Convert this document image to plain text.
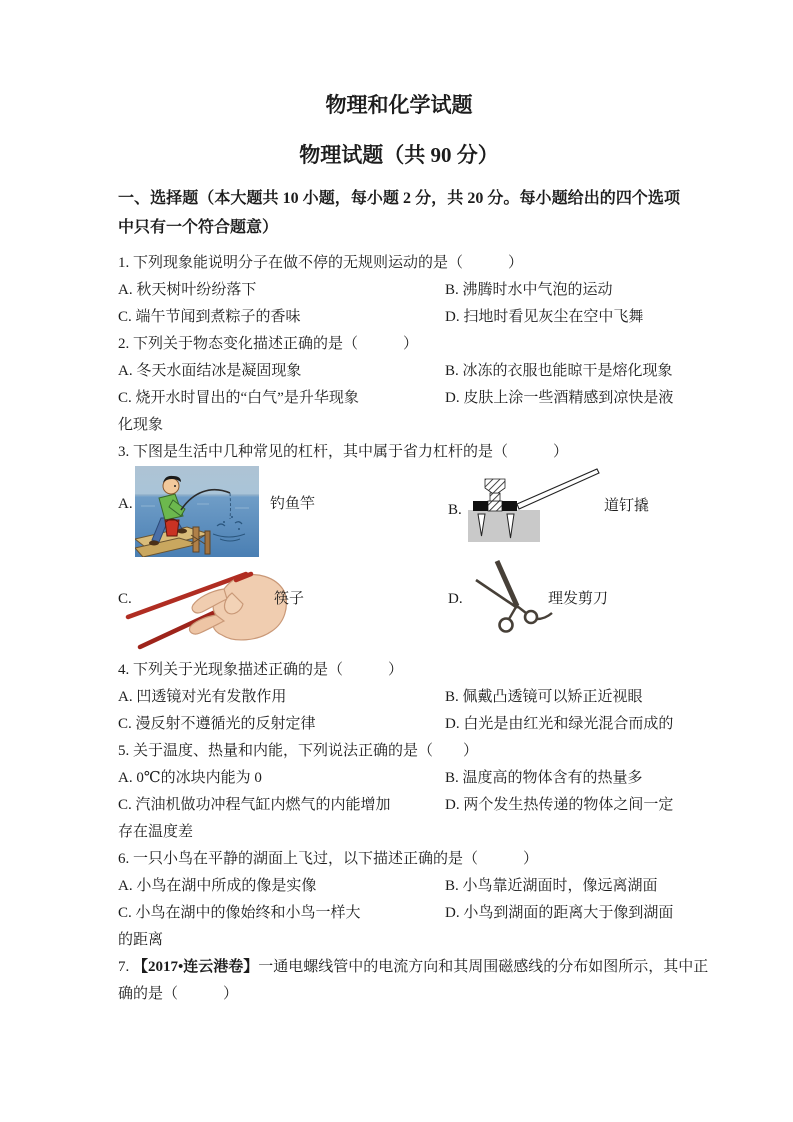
物理和化学试题
物理试题（共 90 分）
一、选择题（本大题共 10 小题，每小题 2 分，共 20 分。每小题给出的四个选项中只有一个符合题意）
1. 下列现象能说明分子在做不停的无规则运动的是（　　　）
A. 秋天树叶纷纷落下	B. 沸腾时水中气泡的运动
C. 端午节闻到煮粽子的香味	D. 扫地时看见灰尘在空中飞舞
2. 下列关于物态变化描述正确的是（　　　）
A. 冬天水面结冰是凝固现象	B. 冰冻的衣服也能晾干是熔化现象
C. 烧开水时冒出的“白气”是升华现象	D. 皮肤上涂一些酒精感到凉快是液
化现象
3. 下图是生活中几种常见的杠杆，其中属于省力杠杆的是（　　　）
A.	钓鱼竿	B.	道钉撬
C.	筷子	D.	理发剪刀
4. 下列关于光现象描述正确的是（　　　）
A. 凹透镜对光有发散作用	B. 佩戴凸透镜可以矫正近视眼
C. 漫反射不遵循光的反射定律	D. 白光是由红光和绿光混合而成的
5. 关于温度、热量和内能，下列说法正确的是（　　）
A. 0℃的冰块内能为 0	B. 温度高的物体含有的热量多
C. 汽油机做功冲程气缸内燃气的内能增加	D. 两个发生热传递的物体之间一定
存在温度差
6. 一只小鸟在平静的湖面上飞过，以下描述正确的是（　　　）
A. 小鸟在湖中所成的像是实像	B. 小鸟靠近湖面时，像远离湖面
C. 小鸟在湖中的像始终和小鸟一样大	D. 小鸟到湖面的距离大于像到湖面
的距离
7. 【2017•连云港卷】一通电螺线管中的电流方向和其周围磁感线的分布如图所示，其中正
确的是（　　　）
